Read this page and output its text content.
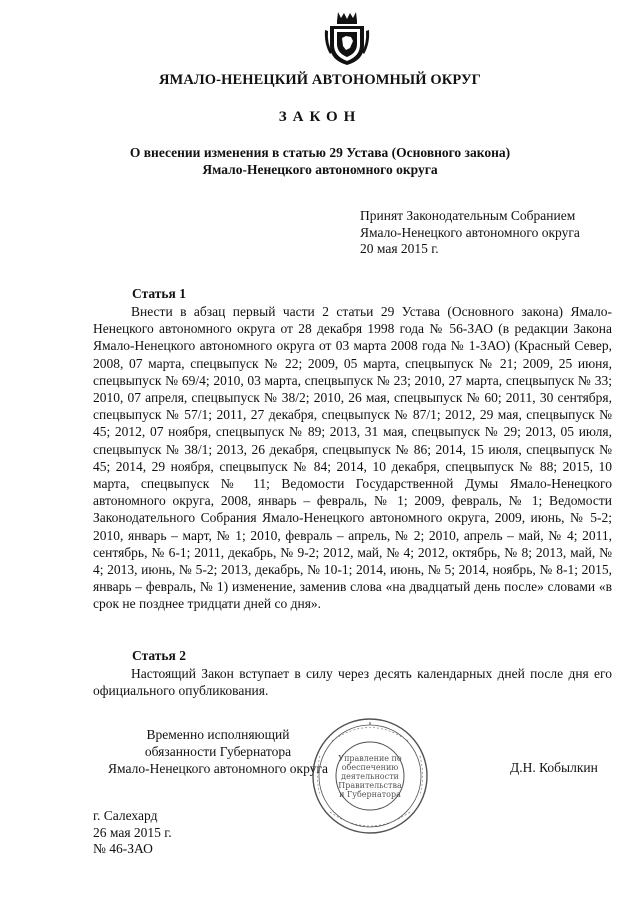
ЯМАЛО-НЕНЕЦКИЙ АВТОНОМНЫЙ ОКРУГ
ЗАКОН
О внесении изменения в статью 29 Устава (Основного закона)
Ямало-Ненецкого автономного округа
Принят Законодательным Собранием
Ямало-Ненецкого автономного округа
20 мая 2015 г.
Статья 1
Внести в абзац первый части 2 статьи 29 Устава (Основного закона) Ямало-Ненецкого автономного округа от 28 декабря 1998 года № 56-ЗАО (в редакции Закона Ямало-Ненецкого автономного округа от 03 марта 2008 года № 1-ЗАО) (Красный Север, 2008, 07 марта, спецвыпуск № 22; 2009, 05 марта, спецвыпуск № 21; 2009, 25 июня, спецвыпуск № 69/4; 2010, 03 марта, спецвыпуск № 23; 2010, 27 марта, спецвыпуск № 33; 2010, 07 апреля, спецвыпуск № 38/2; 2010, 26 мая, спецвыпуск № 60; 2011, 30 сентября, спецвыпуск № 57/1; 2011, 27 декабря, спецвыпуск № 87/1; 2012, 29 мая, спецвыпуск № 45; 2012, 07 ноября, спецвыпуск № 89; 2013, 31 мая, спецвыпуск № 29; 2013, 05 июля, спецвыпуск № 38/1; 2013, 26 декабря, спецвыпуск № 86; 2014, 15 июля, спецвыпуск № 45; 2014, 29 ноября, спецвыпуск № 84; 2014, 10 декабря, спецвыпуск № 88; 2015, 10 марта, спецвыпуск № 11; Ведомости Государственной Думы Ямало-Ненецкого автономного округа, 2008, январь – февраль, № 1; 2009, февраль, № 1; Ведомости Законодательного Собрания Ямало-Ненецкого автономного округа, 2009, июнь, № 5-2; 2010, январь – март, № 1; 2010, февраль – апрель, № 2; 2010, апрель – май, № 4; 2011, сентябрь, № 6-1; 2011, декабрь, № 9-2; 2012, май, № 4; 2012, октябрь, № 8; 2013, май, № 4; 2013, июнь, № 5-2; 2013, декабрь, № 10-1; 2014, июнь, № 5; 2014, ноябрь, № 8-1; 2015, январь – февраль, № 1) изменение, заменив слова «на двадцатый день после» словами «в срок не позднее тридцати дней со дня».
Статья 2
Настоящий Закон вступает в силу через десять календарных дней после дня его официального опубликования.
Временно исполняющий
обязанности Губернатора
Ямало-Ненецкого автономного округа
Управление по
обеспечению
деятельности
Правительства
и Губернатора
Д.Н. Кобылкин
г. Салехард
26 мая 2015 г.
№ 46-ЗАО
